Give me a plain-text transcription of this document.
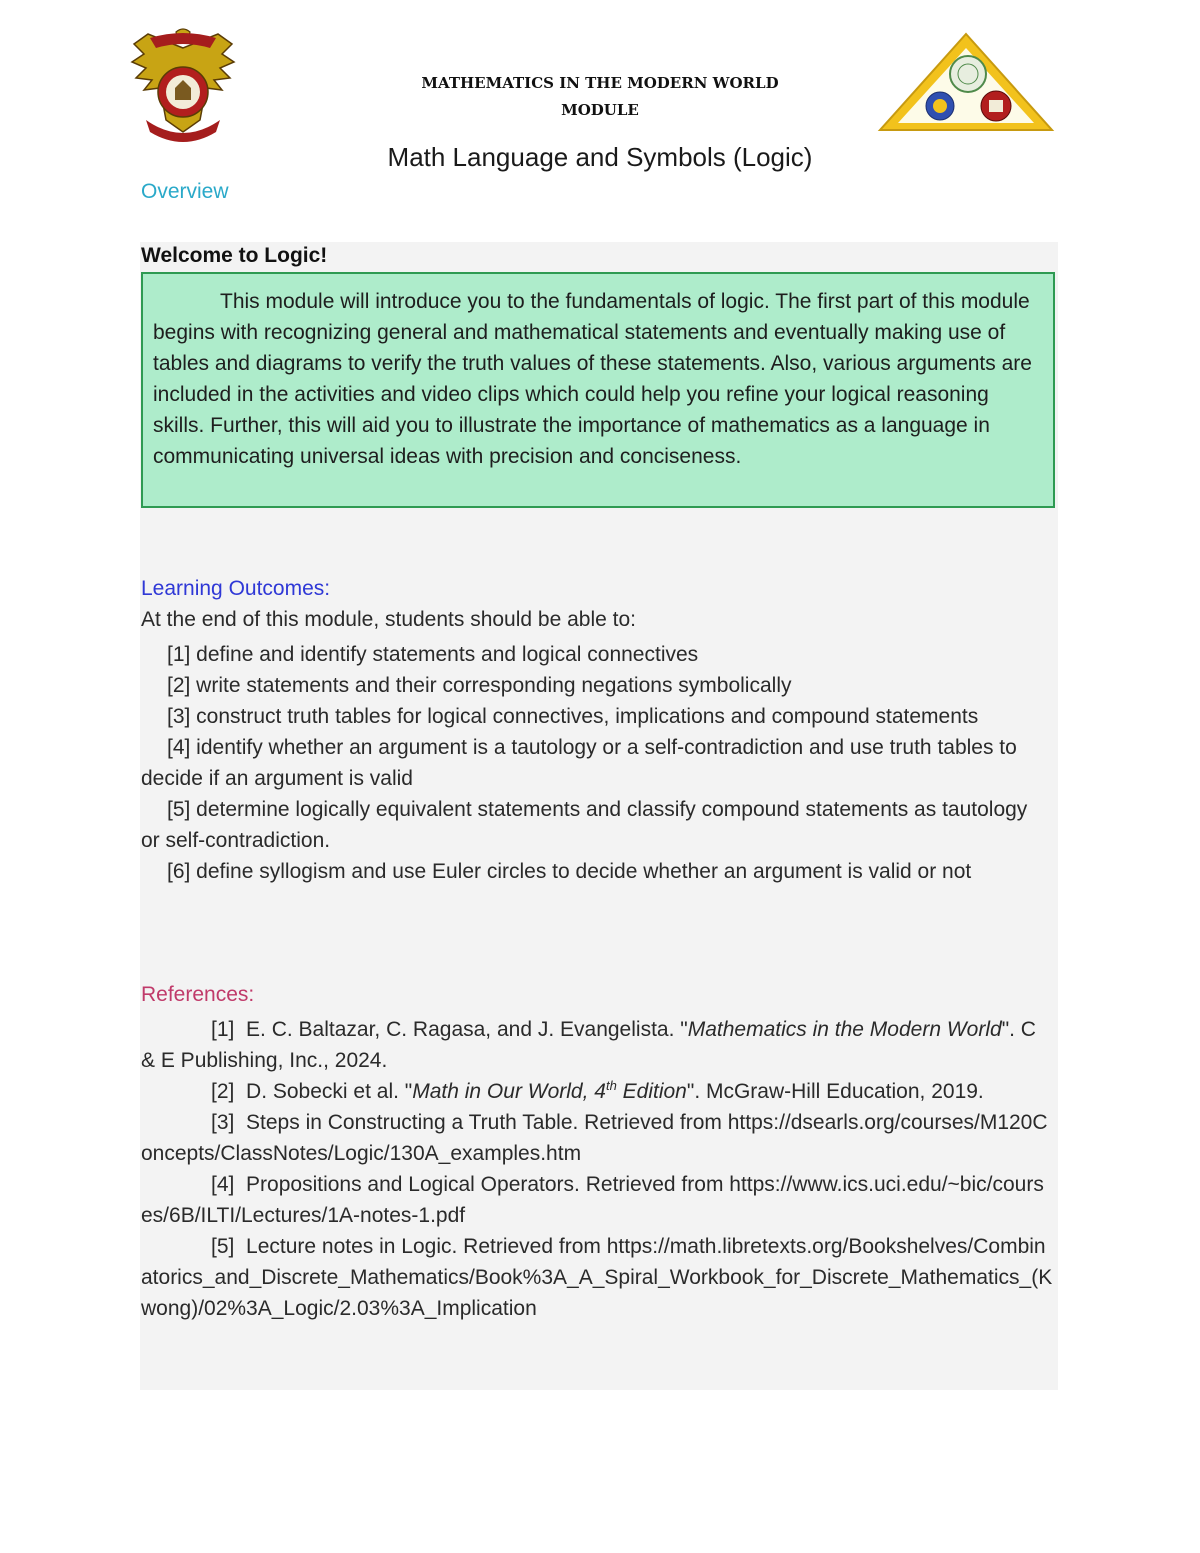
MATHEMATICS IN THE MODERN WORLD
MODULE
Math Language and Symbols (Logic)
Overview
Welcome to Logic!

This module will introduce you to the fundamentals of logic. The first part of this module begins with recognizing general and mathematical statements and eventually making use of tables and diagrams to verify the truth values of these statements. Also, various arguments are included in the activities and video clips which could help you refine your logical reasoning skills. Further, this will aid you to illustrate the importance of mathematics as a language in communicating universal ideas with precision and conciseness.

Learning Outcomes:
At the end of this module, students should be able to:
[1] define and identify statements and logical connectives
[2] write statements and their corresponding negations symbolically
[3] construct truth tables for logical connectives, implications and compound statements
[4] identify whether an argument is a tautology or a self-contradiction and use truth tables to decide if an argument is valid
[5] determine logically equivalent statements and classify compound statements as tautology or self-contradiction.
[6] define syllogism and use Euler circles to decide whether an argument is valid or not
References:
[1] E. C. Baltazar, C. Ragasa, and J. Evangelista. "Mathematics in the Modern World". C & E Publishing, Inc., 2024.
[2] D. Sobecki et al. "Math in Our World, 4th Edition". McGraw-Hill Education, 2019.
[3] Steps in Constructing a Truth Table. Retrieved from https://dsearls.org/courses/M120Concepts/ClassNotes/Logic/130A_examples.htm
[4] Propositions and Logical Operators. Retrieved from https://www.ics.uci.edu/~bic/courses/6B/ILTI/Lectures/1A-notes-1.pdf
[5] Lecture notes in Logic. Retrieved from https://math.libretexts.org/Bookshelves/Combinatorics_and_Discrete_Mathematics/Book%3A_A_Spiral_Workbook_for_Discrete_Mathematics_(Kwong)/02%3A_Logic/2.03%3A_Implication
